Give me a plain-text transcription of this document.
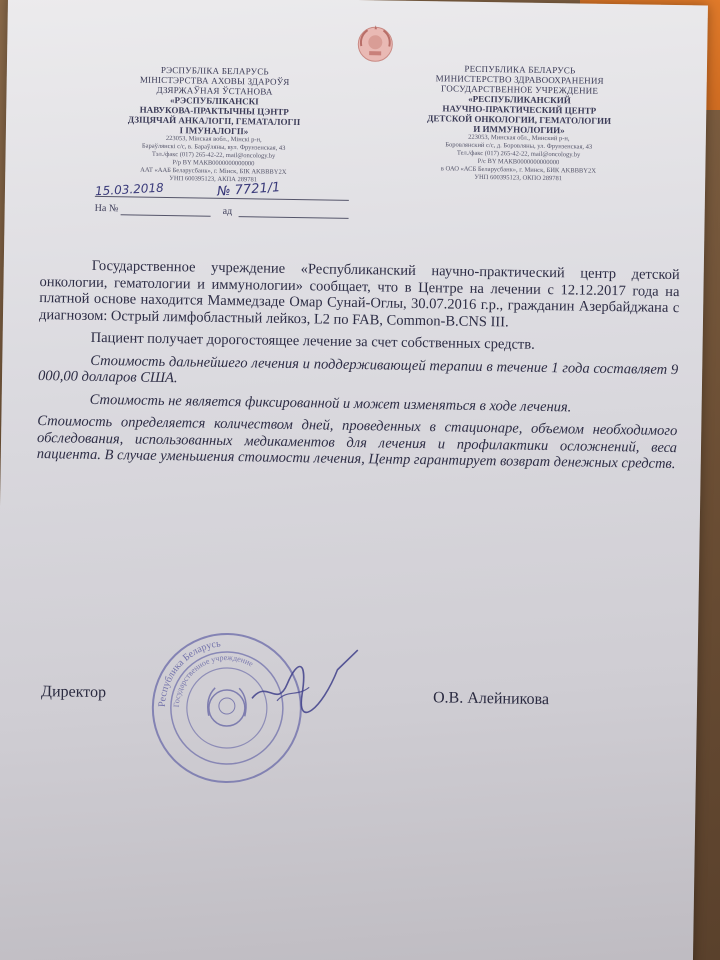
РЭСПУБЛІКА БЕЛАРУСЬ
МІНІСТЭРСТВА АХОВЫ ЗДАРОЎЯ
ДЗЯРЖАЎНАЯ ЎСТАНОВА
«РЭСПУБЛІКАНСКІ
НАВУКОВА-ПРАКТЫЧНЫ ЦЭНТР
ДЗІЦЯЧАЙ АНКАЛОГІІ, ГЕМАТАЛОГІІ
І ІМУНАЛОГІІ»
223053, Мінская вобл., Мінскі р-н,
Бараўлянскі с/с, в. Бараўляны, вул. Фрунзенская, 43
Тэл./факс (017) 265-42-22, mail@oncology.by
Р/р BY МАКВ0000000000000
ААТ «ААБ Беларусбанк», г. Мінск, БІК AKBBBY2X
УНП 600395123, АКПА 289781
РЕСПУБЛИКА БЕЛАРУСЬ
МИНИСТЕРСТВО ЗДРАВООХРАНЕНИЯ
ГОСУДАРСТВЕННОЕ УЧРЕЖДЕНИЕ
«РЕСПУБЛИКАНСКИЙ
НАУЧНО-ПРАКТИЧЕСКИЙ ЦЕНТР
ДЕТСКОЙ ОНКОЛОГИИ, ГЕМАТОЛОГИИ
И ИММУНОЛОГИИ»
223053, Минская обл., Минский р-н,
Боровлянский с/с, д. Боровляны, ул. Фрунзенская, 43
Тел./факс (017) 265-42-22, mail@oncology.by
Р/с BY МАКВ0000000000000
в ОАО «АСБ Беларусбанк», г. Минск, БИК AKBBBY2X
УНП 600395123, ОКПО 289781
15.03.2018	№ 7721/1
На №	ад

Государственное учреждение «Республиканский научно-практический центр детской онкологии, гематологии и иммунологии» сообщает, что в Центре на лечении с 12.12.2017 года на платной основе находится Маммедзаде Омар Сунай-Оглы, 30.07.2016 г.р., гражданин Азербайджана с диагнозом: Острый лимфобластный лейкоз, L2 по FAB, Common-B.CNS III.

Пациент получает дорогостоящее лечение за счет собственных средств.

Стоимость дальнейшего лечения и поддерживающей терапии в течение 1 года составляет 9 000,00 долларов США.

Стоимость не является фиксированной и может изменяться в ходе лечения.

Стоимость определяется количеством дней, проведенных в стационаре, объемом необходимого обследования, использованных медикаментов для лечения и профилактики осложнений, веса пациента. В случае уменьшения стоимости лечения, Центр гарантирует возврат денежных средств.

Республика Беларусь
Государственное учреждение
Директор	О.В. Алейникова
